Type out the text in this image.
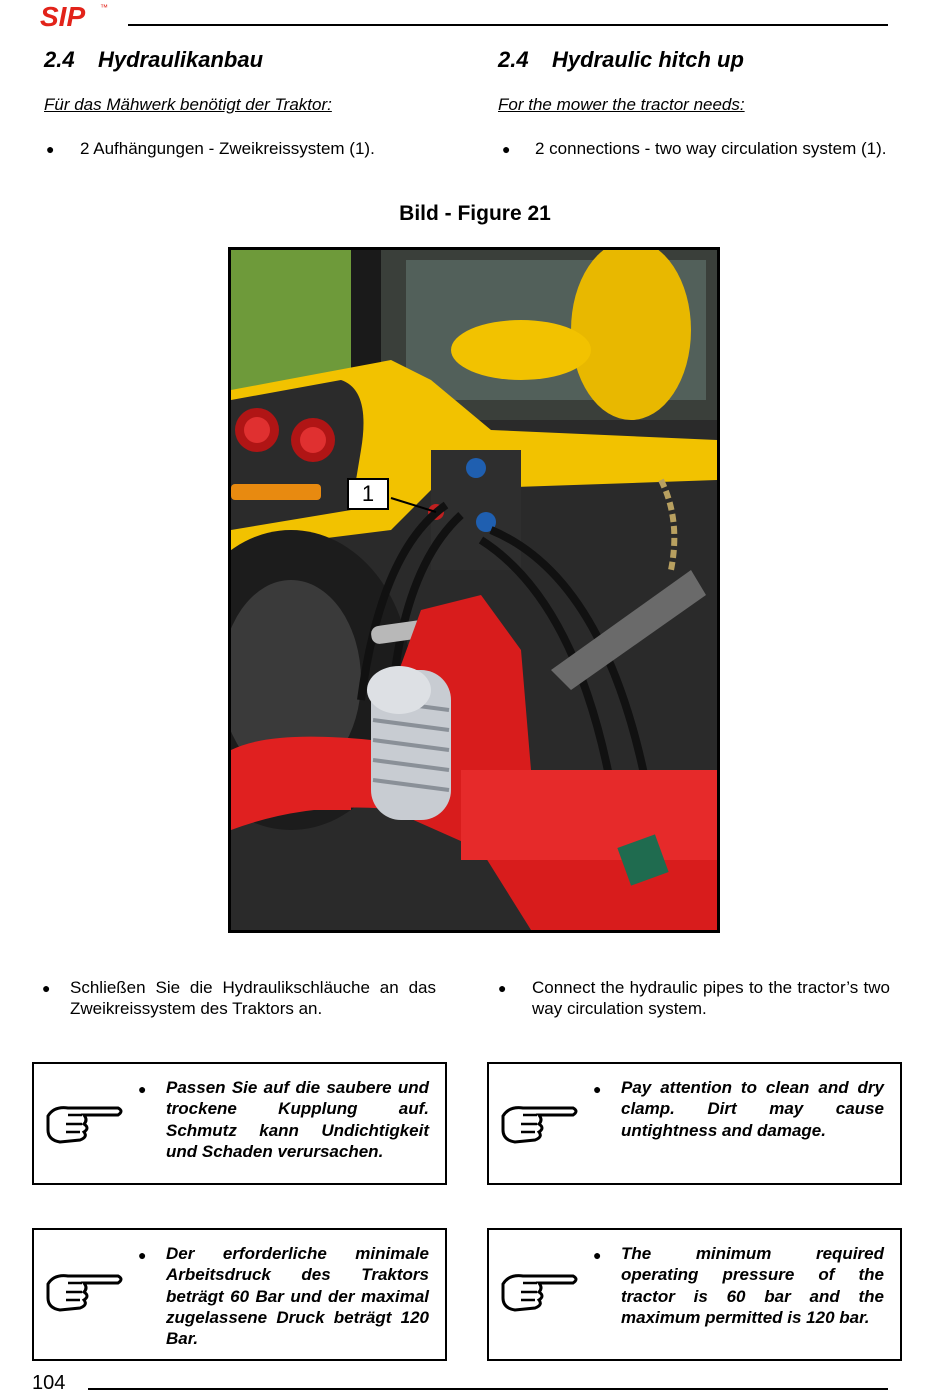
SIP ™
2.4 Hydraulikanbau
Für das Mähwerk benötigt der Traktor:
●	2 Aufhängungen - Zweikreissystem (1).
2.4 Hydraulic hitch up
For the mower the tractor needs:
●	2 connections - two way circulation system (1).
Bild - Figure 21
1
●	Schließen Sie die Hydraulikschläuche an das Zweikreissystem des Traktors an.
●	Connect the hydraulic pipes to the tractor’s two way circulation system.
● Passen Sie auf die saubere und trockene Kupplung auf. Schmutz kann Undichtigkeit und Schaden verursachen.
● Pay attention to clean and dry clamp. Dirt may cause untightness and damage.
● Der erforderliche minimale Arbeitsdruck des Traktors beträgt 60 Bar und der maximal zugelassene Druck beträgt 120 Bar.
● The minimum required operating pressure of the tractor is 60 bar and the maximum permitted is 120 bar.
104
